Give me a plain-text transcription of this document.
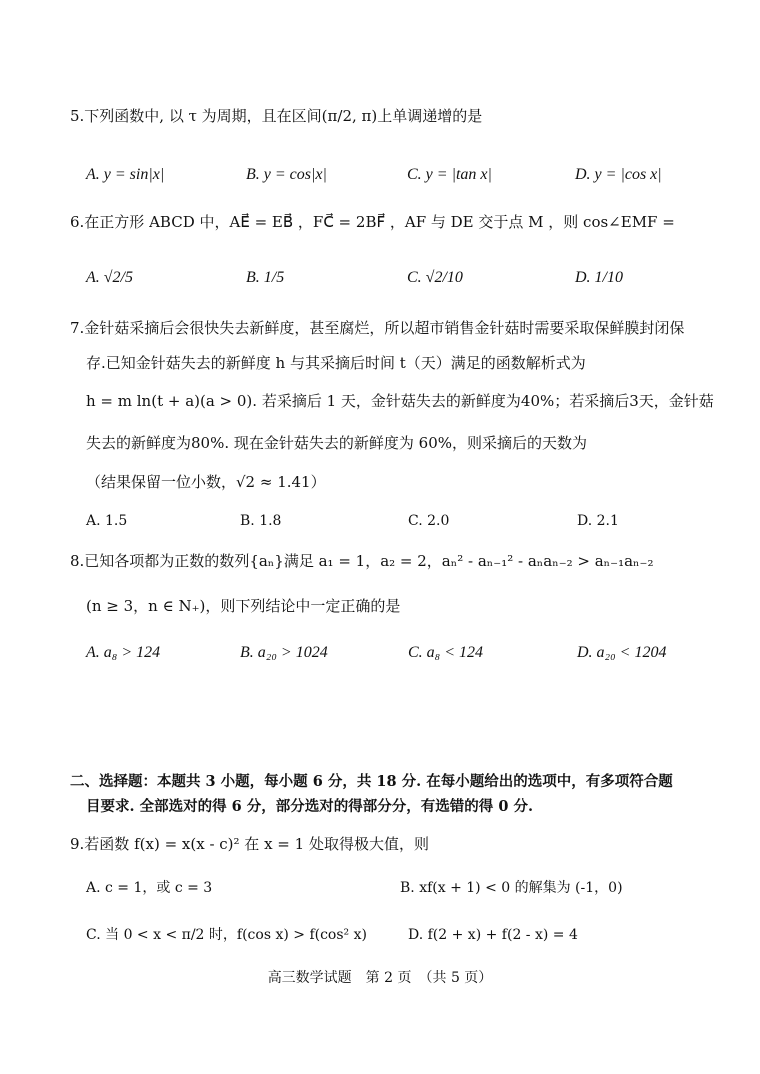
5.下列函数中, 以 τ 为周期，且在区间(π/2, π)上单调递增的是
A. y = sin|x|	B. y = cos|x|	C. y = |tan x|	D. y = |cos x|
6.在正方形 ABCD 中，AE⃗ = EB⃗ ，FC⃗ = 2BF⃗ ，AF 与 DE 交于点 M ，则 cos∠EMF =
A. √2/5	B. 1/5	C. √2/10	D. 1/10
7.金针菇采摘后会很快失去新鲜度，甚至腐烂，所以超市销售金针菇时需要采取保鲜膜封闭保
存.已知金针菇失去的新鲜度 h 与其采摘后时间 t（天）满足的函数解析式为
h = m ln(t + a)(a > 0). 若采摘后 1 天，金针菇失去的新鲜度为40%；若采摘后3天，金针菇
失去的新鲜度为80%. 现在金针菇失去的新鲜度为 60%，则采摘后的天数为
（结果保留一位小数，√2 ≈ 1.41）
A. 1.5	B. 1.8	C. 2.0	D. 2.1
8.已知各项都为正数的数列{aₙ}满足 a₁ = 1，a₂ = 2，aₙ² - aₙ₋₁² - aₙaₙ₋₂ > aₙ₋₁aₙ₋₂
(n ≥ 3，n ∈ N₊)，则下列结论中一定正确的是
A. a₈ > 124	B. a₂₀ > 1024	C. a₈ < 124	D. a₂₀ < 1204
二、选择题：本题共 3 小题，每小题 6 分，共 18 分. 在每小题给出的选项中，有多项符合题
目要求. 全部选对的得 6 分，部分选对的得部分分，有选错的得 0 分.
9.若函数 f(x) = x(x - c)² 在 x = 1 处取得极大值，则
A. c = 1，或 c = 3	B. xf(x + 1) < 0 的解集为 (-1，0)
C. 当 0 < x < π/2 时，f(cos x) > f(cos² x)	D. f(2 + x) + f(2 - x) = 4
高三数学试题　第 2 页　（共 5 页）
